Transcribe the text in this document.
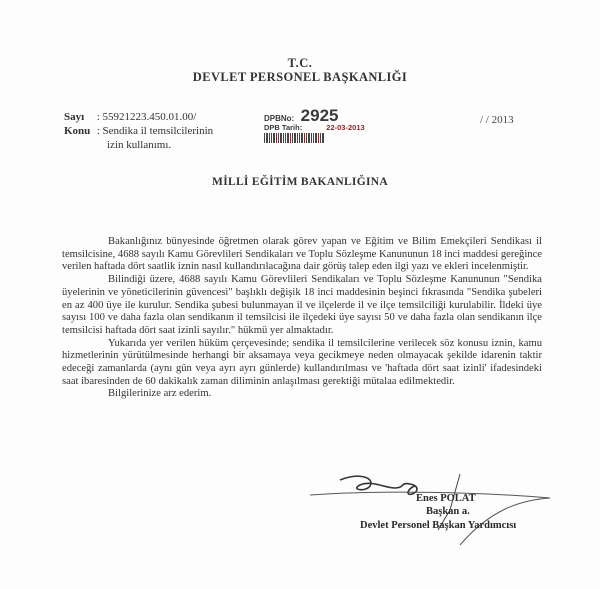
T.C.
DEVLET PERSONEL BAŞKANLIĞI
Sayı : 55921223.450.01.00/
Konu : Sendika il temsilcilerinin
izin kullanımı.
DPBNo: 2925
DPB Tarih:	22-03-2013
/ / 2013
MİLLİ EĞİTİM BAKANLIĞINA

Bakanlığınız bünyesinde öğretmen olarak görev yapan ve Eğitim ve Bilim Emekçileri Sendikası il temsilcisine, 4688 sayılı Kamu Görevlileri Sendikaları ve Toplu Sözleşme Kanununun 18 inci maddesi gereğince verilen haftada dört saatlik iznin nasıl kullandırılacağına dair görüş talep eden ilgi yazı ve ekleri incelenmiştir.

Bilindiği üzere, 4688 sayılı Kamu Görevlileri Sendikaları ve Toplu Sözleşme Kanununun "Sendika üyelerinin ve yöneticilerinin güvencesi" başlıklı değişik 18 inci maddesinin beşinci fıkrasında "Sendika şubeleri en az 400 üye ile kurulur. Sendika şubesi bulunmayan il ve ilçelerde il ve ilçe temsilciliği kurulabilir. İldeki üye sayısı 100 ve daha fazla olan sendikanın il temsilcisi ile ilçedeki üye sayısı 50 ve daha fazla olan sendikanın ilçe temsilcisi haftada dört saat izinli sayılır." hükmü yer almaktadır.

Yukarıda yer verilen hüküm çerçevesinde; sendika il temsilcilerine verilecek söz konusu iznin, kamu hizmetlerinin yürütülmesinde herhangi bir aksamaya veya gecikmeye neden olmayacak şekilde idarenin taktir edeceği zamanlarda (aynı gün veya ayrı ayrı günlerde) kullandırılması ve 'haftada dört saat izinli' ifadesindeki saat ibaresinden de 60 dakikalık zaman diliminin anlaşılması gerektiği mütalaa edilmektedir.

Bilgilerinize arz ederim.

Enes POLAT
Başkan a.
Devlet Personel Başkan Yardımcısı
